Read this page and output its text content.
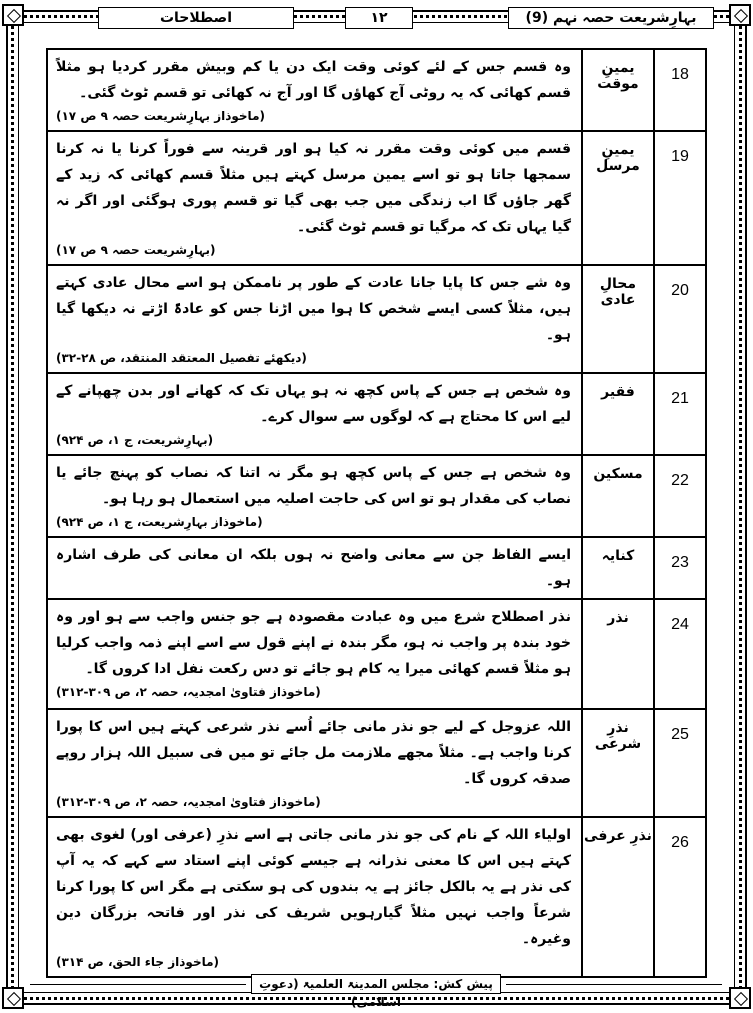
بہارِشریعت حصہ نہم (9)
۱۲
اصطلاحات
18	یمینِ موقت	وہ قسم جس کے لئے کوئی وقت ایک دن یا کم وبیش مقرر کردیا ہو مثلاً قسم کھائی کہ یہ روٹی آج کھاؤں گا اور آج نہ کھائی تو قسم ٹوٹ گئی۔
(ماخوذاز بہارِشریعت حصہ ۹ ص ۱۷)

19	یمینِ مرسل	قسم میں کوئی وقت مقرر نہ کیا ہو اور قرینہ سے فوراً کرنا یا نہ کرنا سمجھا جاتا ہو تو اسے یمین مرسل کہتے ہیں مثلاً قسم کھائی کہ زید کے گھر جاؤں گا اب زندگی میں جب بھی گیا تو قسم پوری ہوگئی اور اگر نہ گیا یہاں تک کہ مرگیا تو قسم ٹوٹ گئی۔
(بہارِشریعت حصہ ۹ ص ۱۷)

20	محالِ عادی	وہ شے جس کا پایا جانا عادت کے طور پر ناممکن ہو اسے محال عادی کہتے ہیں، مثلاً کسی ایسے شخص کا ہوا میں اڑنا جس کو عادۃً اڑتے نہ دیکھا گیا ہو۔
(دیکھئے تفصیل المعتقد المنتقد، ص ۲۸-۳۲)

21	فقیر	وہ شخص ہے جس کے پاس کچھ نہ ہو یہاں تک کہ کھانے اور بدن چھپانے کے لیے اس کا محتاج ہے کہ لوگوں سے سوال کرے۔
(بہارِشریعت، ج ۱، ص ۹۲۴)

22	مسکین	وہ شخص ہے جس کے پاس کچھ ہو مگر نہ اتنا کہ نصاب کو پہنچ جائے یا نصاب کی مقدار ہو تو اس کی حاجت اصلیہ میں استعمال ہو رہا ہو۔
(ماخوذاز بہارِشریعت، ج ۱، ص ۹۲۴)

23	کنایہ	ایسے الفاظ جن سے معانی واضح نہ ہوں بلکہ ان معانی کی طرف اشارہ ہو۔

24	نذر	نذر اصطلاح شرع میں وہ عبادت مقصودہ ہے جو جنس واجب سے ہو اور وہ خود بندہ پر واجب نہ ہو، مگر بندہ نے اپنے قول سے اسے اپنے ذمہ واجب کرلیا ہو مثلاً قسم کھائی میرا یہ کام ہو جائے تو دس رکعت نفل ادا کروں گا۔
(ماخوذاز فتاویٰ امجدیہ، حصہ ۲، ص ۳۰۹-۳۱۲)

25	نذرِ شرعی	اللہ عزوجل کے لیے جو نذر مانی جائے اُسے نذر شرعی کہتے ہیں اس کا پورا کرنا واجب ہے۔ مثلاً مجھے ملازمت مل جائے تو میں فی سبیل اللہ ہزار روپے صدقہ کروں گا۔
(ماخوذاز فتاویٰ امجدیہ، حصہ ۲، ص ۳۰۹-۳۱۲)

26	نذرِ عرفی	اولیاء اللہ کے نام کی جو نذر مانی جاتی ہے اسے نذرِ (عرفی اور) لغوی بھی کہتے ہیں اس کا معنی نذرانہ ہے جیسے کوئی اپنے استاد سے کہے کہ یہ آپ کی نذر ہے یہ بالکل جائز ہے یہ بندوں کی ہو سکتی ہے مگر اس کا پورا کرنا شرعاً واجب نہیں مثلاً گیارہویں شریف کی نذر اور فاتحہ بزرگان دین وغیرہ۔
(ماخوذاز جاء الحق، ص ۳۱۴)
پیش کش: مجلس المدینۃ العلمیۃ (دعوتِ اسلامی)
